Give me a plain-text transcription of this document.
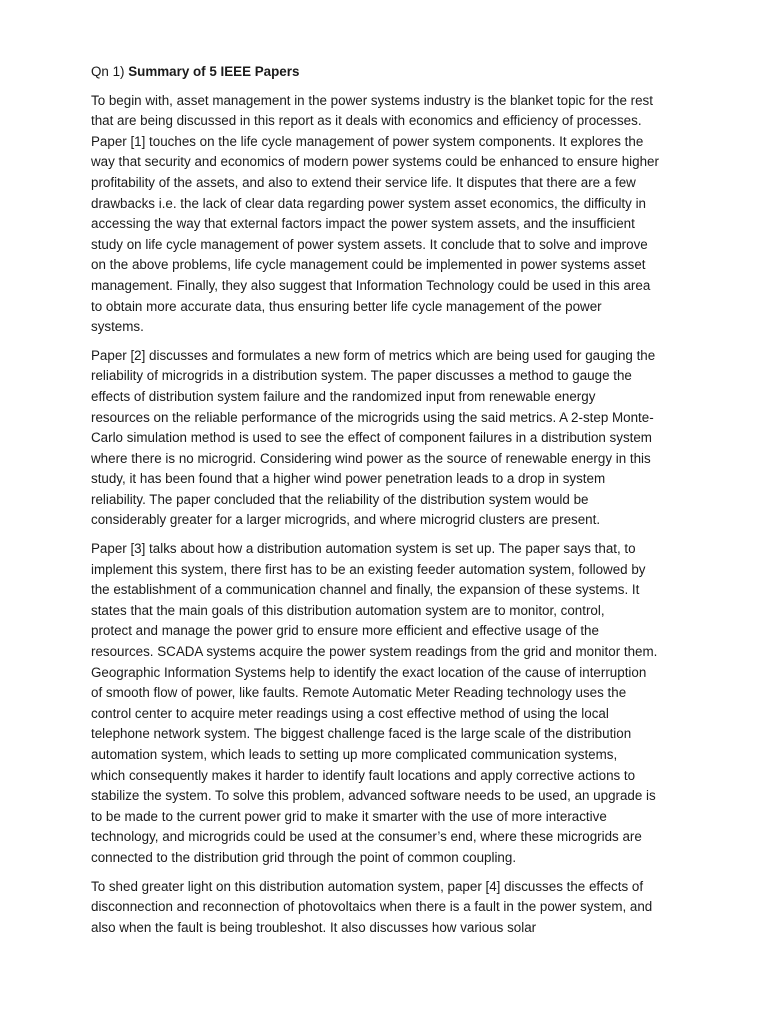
Qn 1) Summary of 5 IEEE Papers
To begin with, asset management in the power systems industry is the blanket topic for the rest
that are being discussed in this report as it deals with economics and efficiency of processes.
Paper [1] touches on the life cycle management of power system components. It explores the
way that security and economics of modern power systems could be enhanced to ensure higher
profitability of the assets, and also to extend their service life. It disputes that there are a few
drawbacks i.e. the lack of clear data regarding power system asset economics, the difficulty in
accessing the way that external factors impact the power system assets, and the insufficient
study on life cycle management of power system assets. It conclude that to solve and improve
on the above problems, life cycle management could be implemented in power systems asset
management. Finally, they also suggest that Information Technology could be used in this area
to obtain more accurate data, thus ensuring better life cycle management of the power
systems.
Paper [2] discusses and formulates a new form of metrics which are being used for gauging the
reliability of microgrids in a distribution system. The paper discusses a method to gauge the
effects of distribution system failure and the randomized input from renewable energy
resources on the reliable performance of the microgrids using the said metrics. A 2-step Monte-
Carlo simulation method is used to see the effect of component failures in a distribution system
where there is no microgrid. Considering wind power as the source of renewable energy in this
study, it has been found that a higher wind power penetration leads to a drop in system
reliability. The paper concluded that the reliability of the distribution system would be
considerably greater for a larger microgrids, and where microgrid clusters are present.
Paper [3] talks about how a distribution automation system is set up. The paper says that, to
implement this system, there first has to be an existing feeder automation system, followed by
the establishment of a communication channel and finally, the expansion of these systems. It
states that the main goals of this distribution automation system are to monitor, control,
protect and manage the power grid to ensure more efficient and effective usage of the
resources. SCADA systems acquire the power system readings from the grid and monitor them.
Geographic Information Systems help to identify the exact location of the cause of interruption
of smooth flow of power, like faults. Remote Automatic Meter Reading technology uses the
control center to acquire meter readings using a cost effective method of using the local
telephone network system. The biggest challenge faced is the large scale of the distribution
automation system, which leads to setting up more complicated communication systems,
which consequently makes it harder to identify fault locations and apply corrective actions to
stabilize the system. To solve this problem, advanced software needs to be used, an upgrade is
to be made to the current power grid to make it smarter with the use of more interactive
technology, and microgrids could be used at the consumer’s end, where these microgrids are
connected to the distribution grid through the point of common coupling.
To shed greater light on this distribution automation system, paper [4] discusses the effects of
disconnection and reconnection of photovoltaics when there is a fault in the power system, and
also when the fault is being troubleshot. It also discusses how various solar
